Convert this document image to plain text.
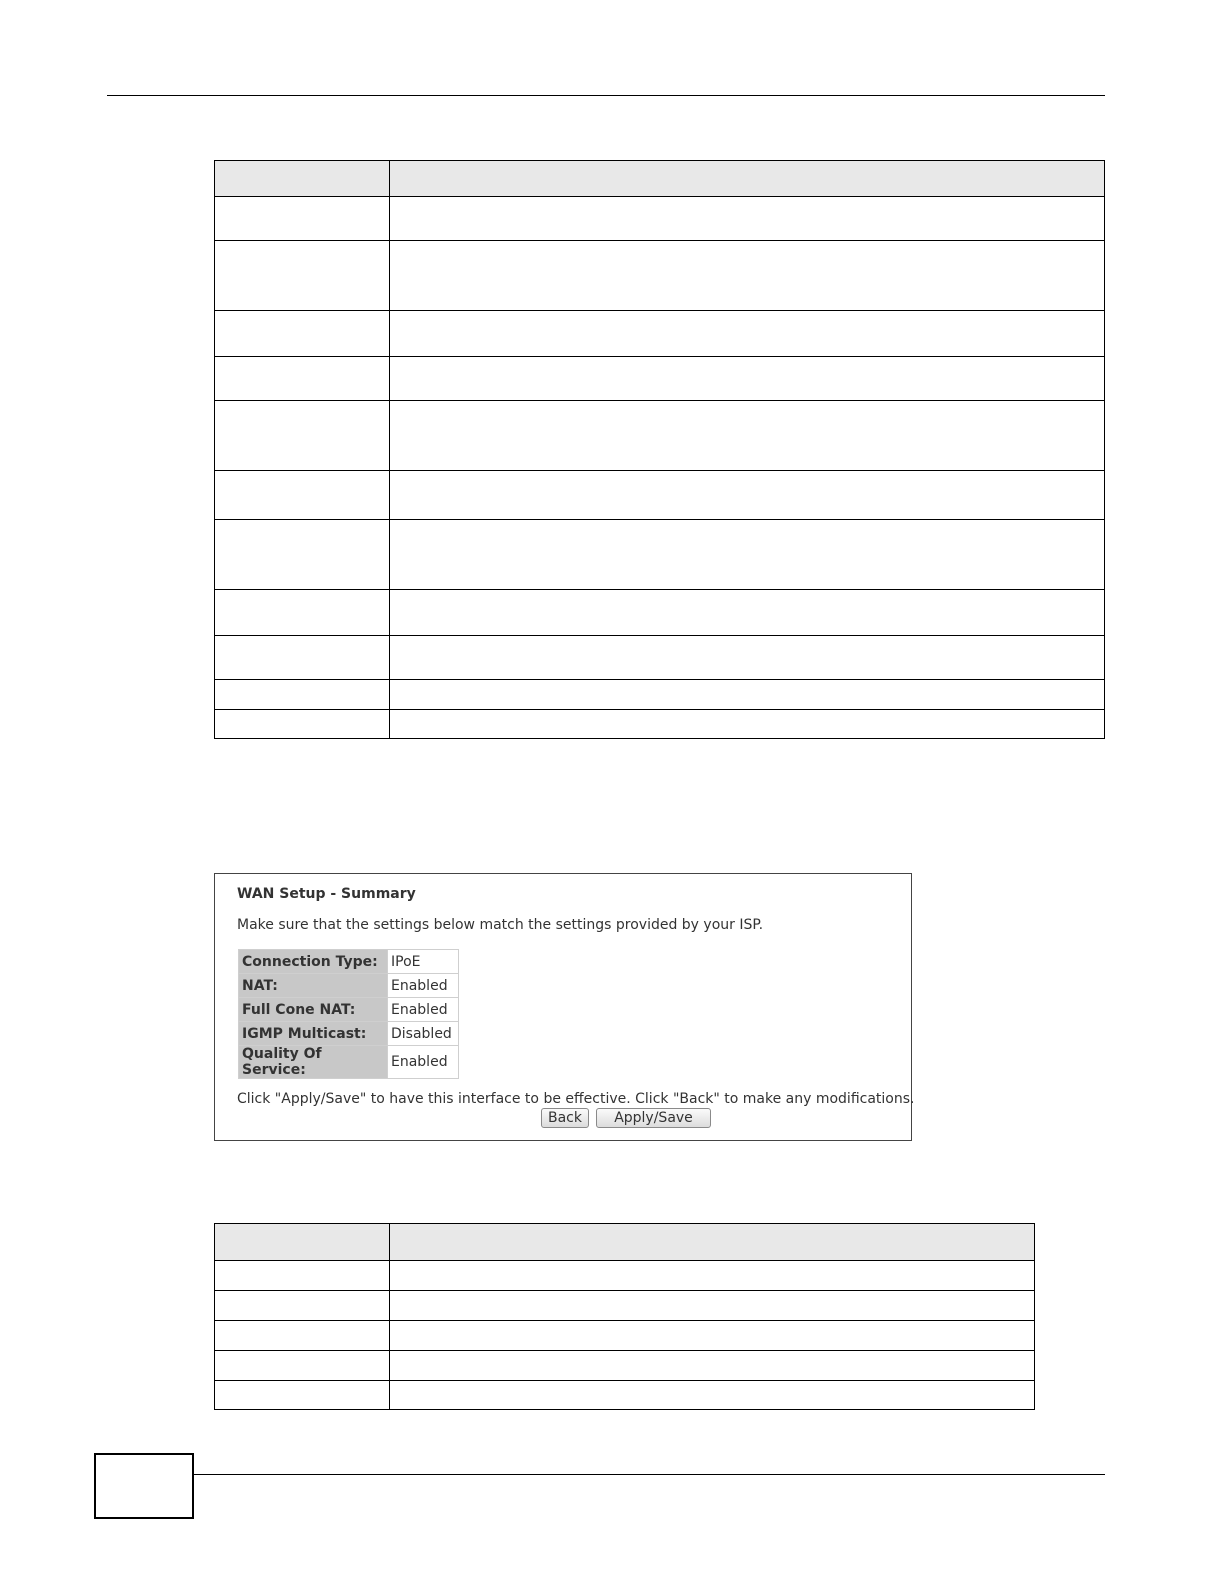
WAN Setup - Summary
Make sure that the settings below match the settings provided by your ISP.
Connection Type:	IPoE
NAT:	Enabled
Full Cone NAT:	Enabled
IGMP Multicast:	Disabled
Quality Of Service:	Enabled
Click "Apply/Save" to have this interface to be effective. Click "Back" to make any modifications.
Back	Apply/Save
